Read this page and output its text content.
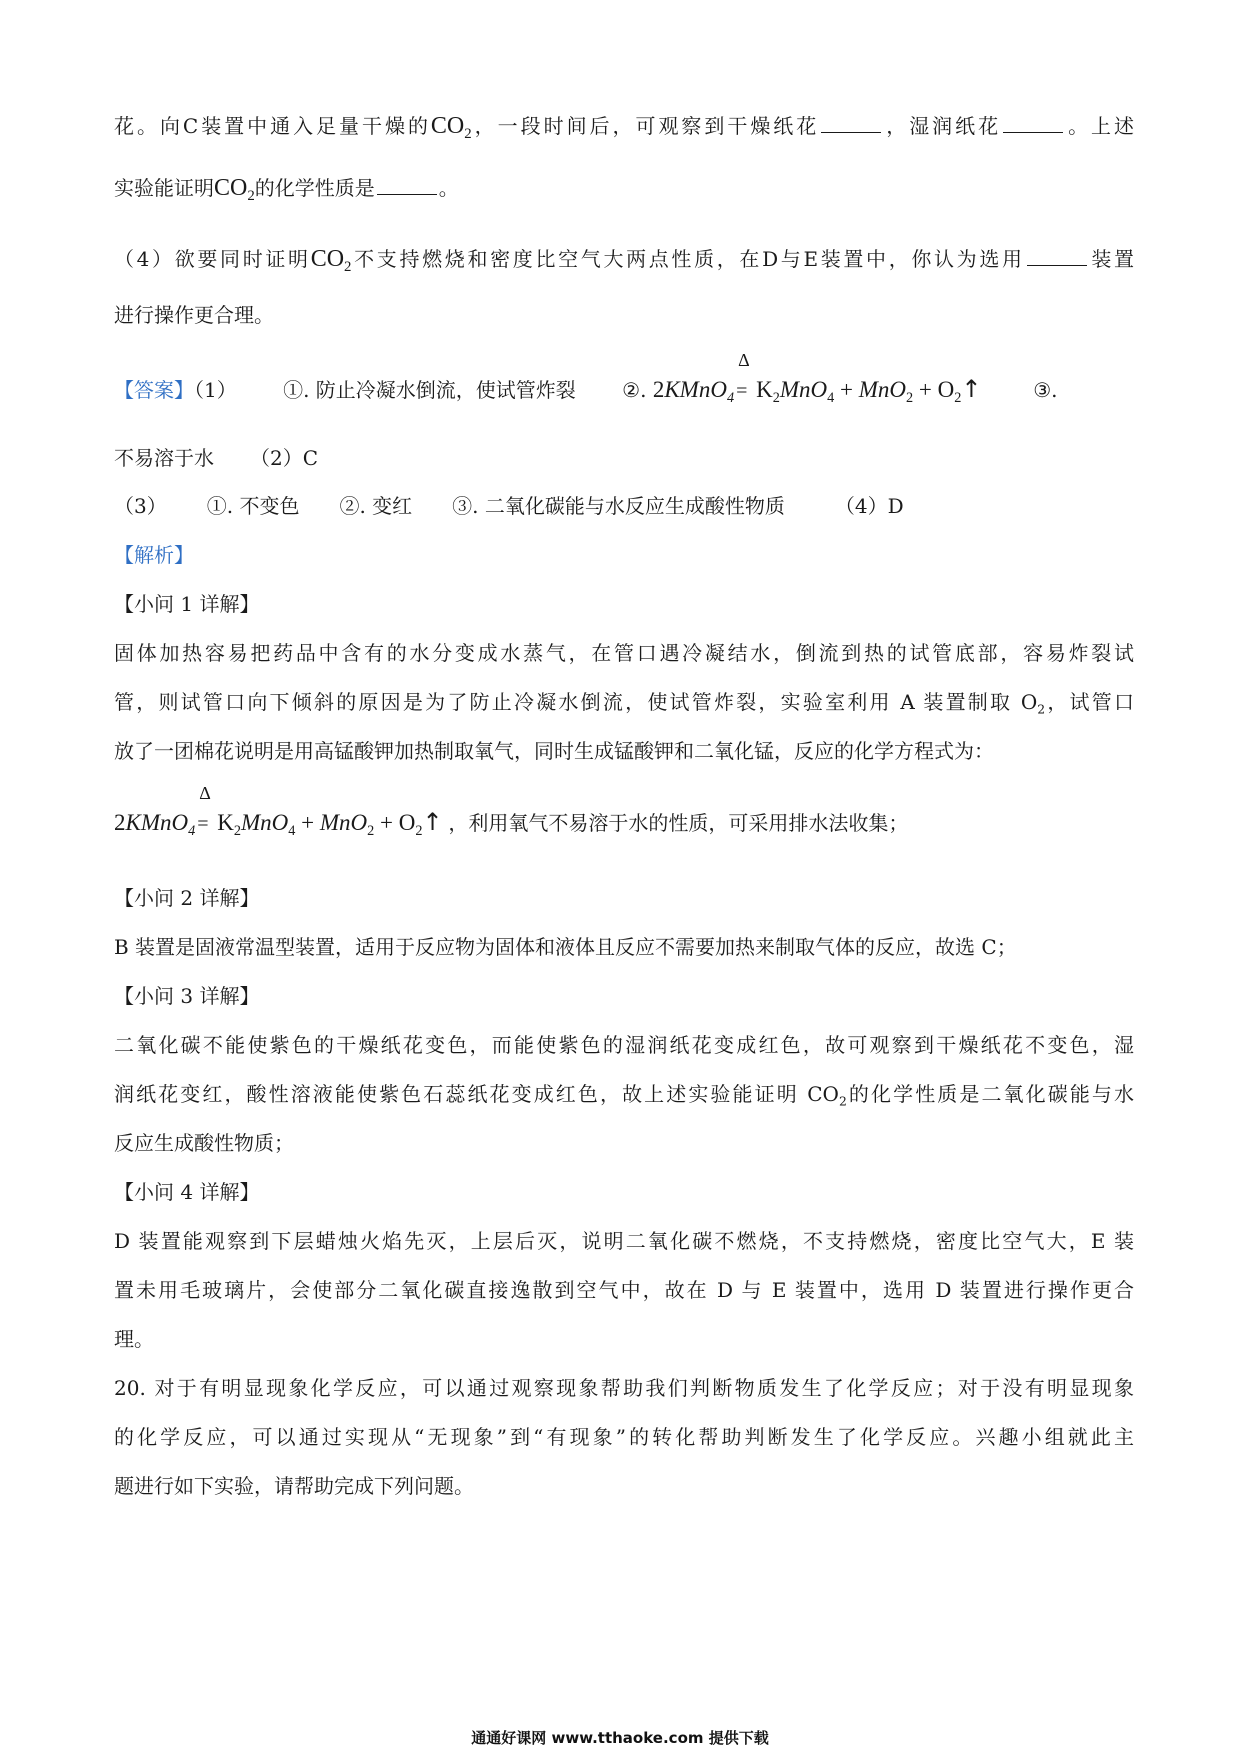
花。向C装置中通入足量干燥的$CO_2$，一段时间后，可观察到干燥纸花	，湿润纸花	。上述
实验能证明$CO_2$的化学性质是	。
（4）欲要同时证明$CO_2$不支持燃烧和密度比空气大两点性质，在D与E装置中，你认为选用	装置
进行操作更合理。
【答案】（1） ①. 防止冷凝水倒流，使试管炸裂 ②. 2KMnO$_4$
Δ
= $K_2MnO_4 + MnO_2$ + $O_2↑$	③.
不易溶于水 （2）C
（3） ①. 不变色 ②. 变红 ③. 二氧化碳能与水反应生成酸性物质	（4）D
【解析】
【小问 1 详解】
固体加热容易把药品中含有的水分变成水蒸气，在管口遇冷凝结水，倒流到热的试管底部，容易炸裂试
管，则试管口向下倾斜的原因是为了防止冷凝水倒流，使试管炸裂，实验室利用 A 装置制取 $O_2$，试管口
放了一团棉花说明是用高锰酸钾加热制取氧气，同时生成锰酸钾和二氧化锰，反应的化学方程式为：
2KMnO$_4$
Δ
= $K_2MnO_4 + MnO_2$ + $O_2↑$ ，利用氧气不易溶于水的性质，可采用排水法收集；
【小问 2 详解】
B 装置是固液常温型装置，适用于反应物为固体和液体且反应不需要加热来制取气体的反应，故选 C；
【小问 3 详解】
二氧化碳不能使紫色的干燥纸花变色，而能使紫色的湿润纸花变成红色，故可观察到干燥纸花不变色，湿
润纸花变红，酸性溶液能使紫色石蕊纸花变成红色，故上述实验能证明 $CO_2$的化学性质是二氧化碳能与水
反应生成酸性物质；
【小问 4 详解】
D 装置能观察到下层蜡烛火焰先灭，上层后灭，说明二氧化碳不燃烧，不支持燃烧，密度比空气大，E 装
置未用毛玻璃片，会使部分二氧化碳直接逸散到空气中，故在 D 与 E 装置中，选用 D 装置进行操作更合
理。
20. 对于有明显现象化学反应，可以通过观察现象帮助我们判断物质发生了化学反应；对于没有明显现象
的化学反应，可以通过实现从“无现象”到“有现象”的转化帮助判断发生了化学反应。兴趣小组就此主
题进行如下实验，请帮助完成下列问题。
通通好课网 www.tthaoke.com 提供下载
